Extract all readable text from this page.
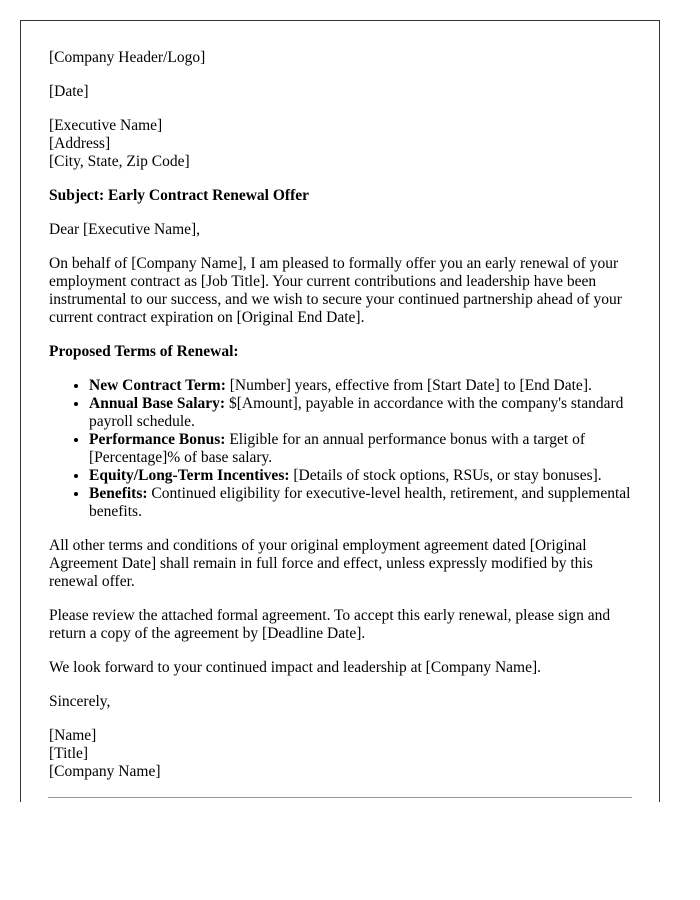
[Company Header/Logo]

[Date]

[Executive Name]
[Address]
[City, State, Zip Code]

Subject: Early Contract Renewal Offer

Dear [Executive Name],

On behalf of [Company Name], I am pleased to formally offer you an early renewal of your employment contract as [Job Title]. Your current contributions and leadership have been instrumental to our success, and we wish to secure your continued partnership ahead of your current contract expiration on [Original End Date].

Proposed Terms of Renewal:

• New Contract Term: [Number] years, effective from [Start Date] to [End Date].
• Annual Base Salary: $[Amount], payable in accordance with the company's standard payroll schedule.
• Performance Bonus: Eligible for an annual performance bonus with a target of [Percentage]% of base salary.
• Equity/Long-Term Incentives: [Details of stock options, RSUs, or stay bonuses].
• Benefits: Continued eligibility for executive-level health, retirement, and supplemental benefits.

All other terms and conditions of your original employment agreement dated [Original Agreement Date] shall remain in full force and effect, unless expressly modified by this renewal offer.

Please review the attached formal agreement. To accept this early renewal, please sign and return a copy of the agreement by [Deadline Date].

We look forward to your continued impact and leadership at [Company Name].

Sincerely,

[Name]
[Title]
[Company Name]
